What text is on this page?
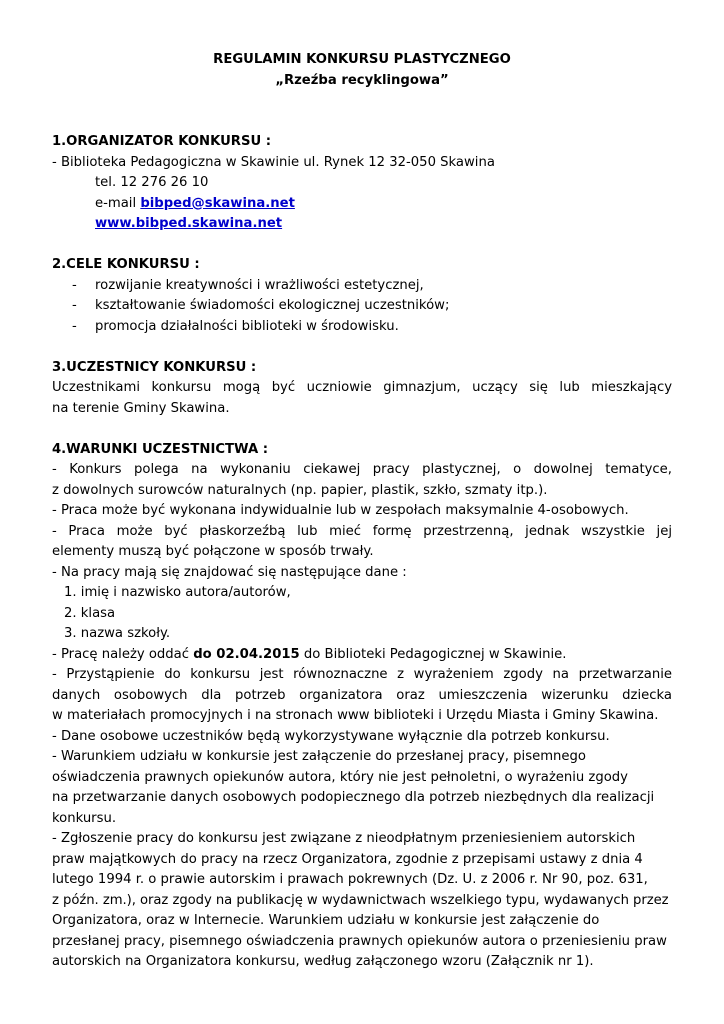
REGULAMIN KONKURSU PLASTYCZNEGO
„Rzeźba recyklingowa”
1.ORGANIZATOR KONKURSU :
- Biblioteka Pedagogiczna w Skawinie ul. Rynek 12 32-050 Skawina
tel. 12 276 26 10
e-mail bibped@skawina.net
www.bibped.skawina.net
2.CELE KONKURSU :
-	rozwijanie kreatywności i wrażliwości estetycznej,
-	kształtowanie świadomości ekologicznej uczestników;
-	promocja działalności biblioteki w środowisku.
3.UCZESTNICY KONKURSU :
Uczestnikami konkursu mogą być uczniowie gimnazjum, uczący się lub mieszkający
na terenie Gminy Skawina.
4.WARUNKI UCZESTNICTWA :
- Konkurs polega na wykonaniu ciekawej pracy plastycznej, o dowolnej tematyce,
z dowolnych surowców naturalnych (np. papier, plastik, szkło, szmaty itp.).
- Praca może być wykonana indywidualnie lub w zespołach maksymalnie 4-osobowych.
- Praca może być płaskorzeźbą lub mieć formę przestrzenną, jednak wszystkie jej
elementy muszą być połączone w sposób trwały.
- Na pracy mają się znajdować się następujące dane :
1. imię i nazwisko autora/autorów,
2. klasa
3. nazwa szkoły.
- Pracę należy oddać do 02.04.2015 do Biblioteki Pedagogicznej w Skawinie.
- Przystąpienie do konkursu jest równoznaczne z wyrażeniem zgody na przetwarzanie
danych osobowych dla potrzeb organizatora oraz umieszczenia wizerunku dziecka
w materiałach promocyjnych i na stronach www biblioteki i Urzędu Miasta i Gminy Skawina.
- Dane osobowe uczestników będą wykorzystywane wyłącznie dla potrzeb konkursu.
- Warunkiem udziału w konkursie jest załączenie do przesłanej pracy, pisemnego
oświadczenia prawnych opiekunów autora, który nie jest pełnoletni, o wyrażeniu zgody
na przetwarzanie danych osobowych podopiecznego dla potrzeb niezbędnych dla realizacji
konkursu.
- Zgłoszenie pracy do konkursu jest związane z nieodpłatnym przeniesieniem autorskich
praw majątkowych do pracy na rzecz Organizatora, zgodnie z przepisami ustawy z dnia 4
lutego 1994 r. o prawie autorskim i prawach pokrewnych (Dz. U. z 2006 r. Nr 90, poz. 631,
z późn. zm.), oraz zgody na publikację w wydawnictwach wszelkiego typu, wydawanych przez
Organizatora, oraz w Internecie. Warunkiem udziału w konkursie jest załączenie do
przesłanej pracy, pisemnego oświadczenia prawnych opiekunów autora o przeniesieniu praw
autorskich na Organizatora konkursu, według załączonego wzoru (Załącznik nr 1).
